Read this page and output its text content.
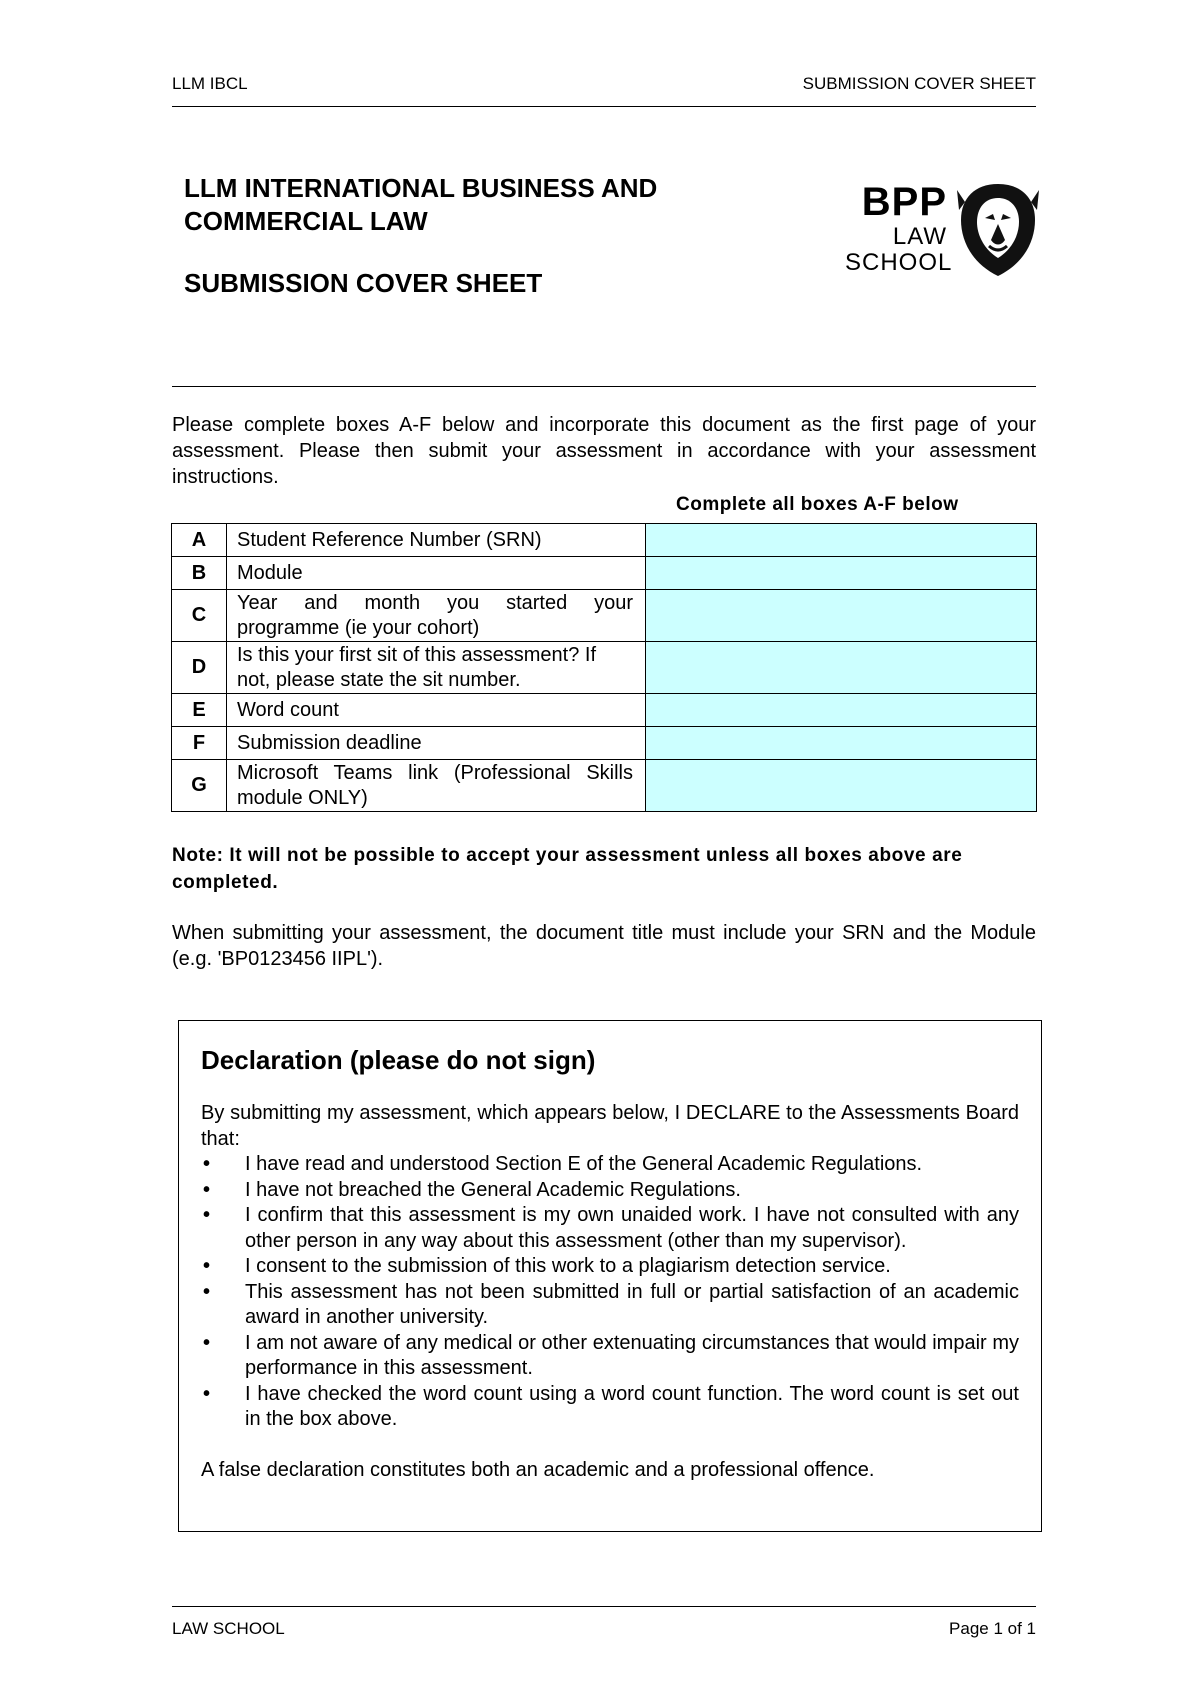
LLM IBCL	SUBMISSION COVER SHEET
LLM INTERNATIONAL BUSINESS AND
COMMERCIAL LAW
SUBMISSION COVER SHEET
BPP
LAW
SCHOOL
Please complete boxes A-F below and incorporate this document as the first page of your assessment. Please then submit your assessment in accordance with your assessment instructions.
Complete all boxes A-F below
A	Student Reference Number (SRN)	
B	Module	
C	Year and month you started your programme (ie your cohort)	
D	Is this your first sit of this assessment? If not, please state the sit number.	
E	Word count	
F	Submission deadline	
G	Microsoft Teams link (Professional Skills module ONLY)	
Note: It will not be possible to accept your assessment unless all boxes above are completed.
When submitting your assessment, the document title must include your SRN and the Module (e.g. 'BP0123456 IIPL').
Declaration (please do not sign)
By submitting my assessment, which appears below, I DECLARE to the Assessments Board that:
• I have read and understood Section E of the General Academic Regulations.
• I have not breached the General Academic Regulations.
• I confirm that this assessment is my own unaided work. I have not consulted with any other person in any way about this assessment (other than my supervisor).
• I consent to the submission of this work to a plagiarism detection service.
• This assessment has not been submitted in full or partial satisfaction of an academic award in another university.
• I am not aware of any medical or other extenuating circumstances that would impair my performance in this assessment.
• I have checked the word count using a word count function. The word count is set out in the box above.
A false declaration constitutes both an academic and a professional offence.
LAW SCHOOL	Page 1 of 1
